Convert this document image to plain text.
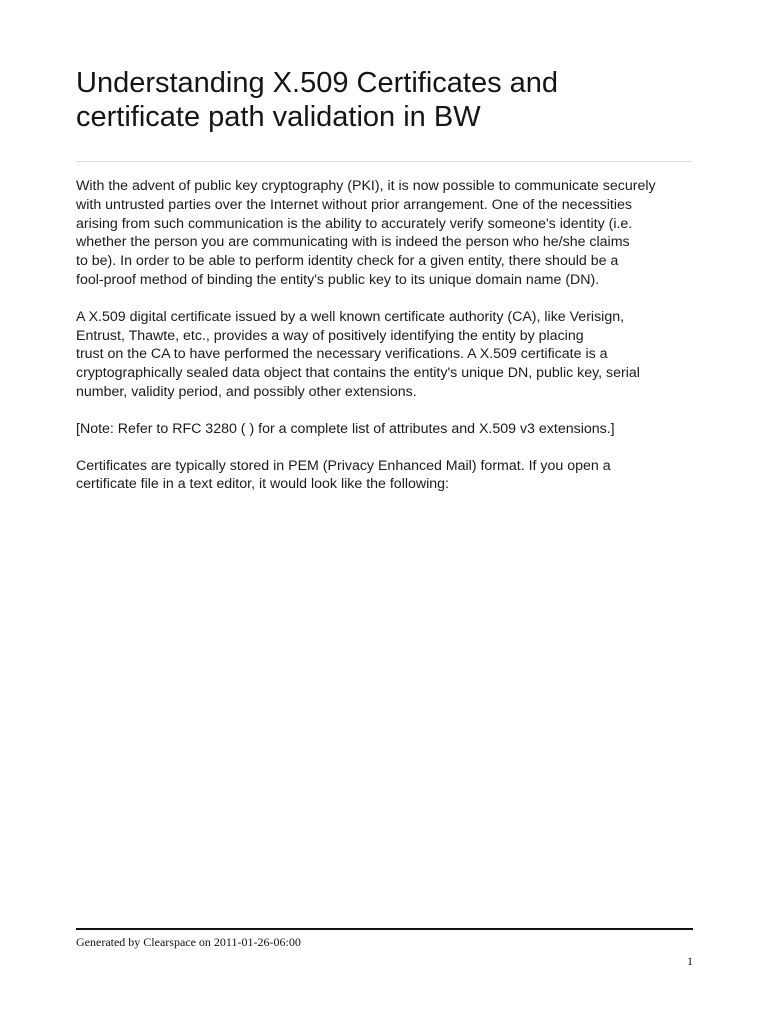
Understanding X.509 Certificates and
certificate path validation in BW

With the advent of public key cryptography (PKI), it is now possible to communicate securely
with untrusted parties over the Internet without prior arrangement. One of the necessities
arising from such communication is the ability to accurately verify someone's identity (i.e.
whether the person you are communicating with is indeed the person who he/she claims
to be). In order to be able to perform identity check for a given entity, there should be a
fool-proof method of binding the entity's public key to its unique domain name (DN).

A X.509 digital certificate issued by a well known certificate authority (CA), like Verisign,
Entrust, Thawte, etc., provides a way of positively identifying the entity by placing
trust on the CA to have performed the necessary verifications. A X.509 certificate is a
cryptographically sealed data object that contains the entity's unique DN, public key, serial
number, validity period, and possibly other extensions.

[Note: Refer to RFC 3280 ( ) for a complete list of attributes and X.509 v3 extensions.]

Certificates are typically stored in PEM (Privacy Enhanced Mail) format. If you open a
certificate file in a text editor, it would look like the following:

Generated by Clearspace on 2011-01-26-06:00
1
